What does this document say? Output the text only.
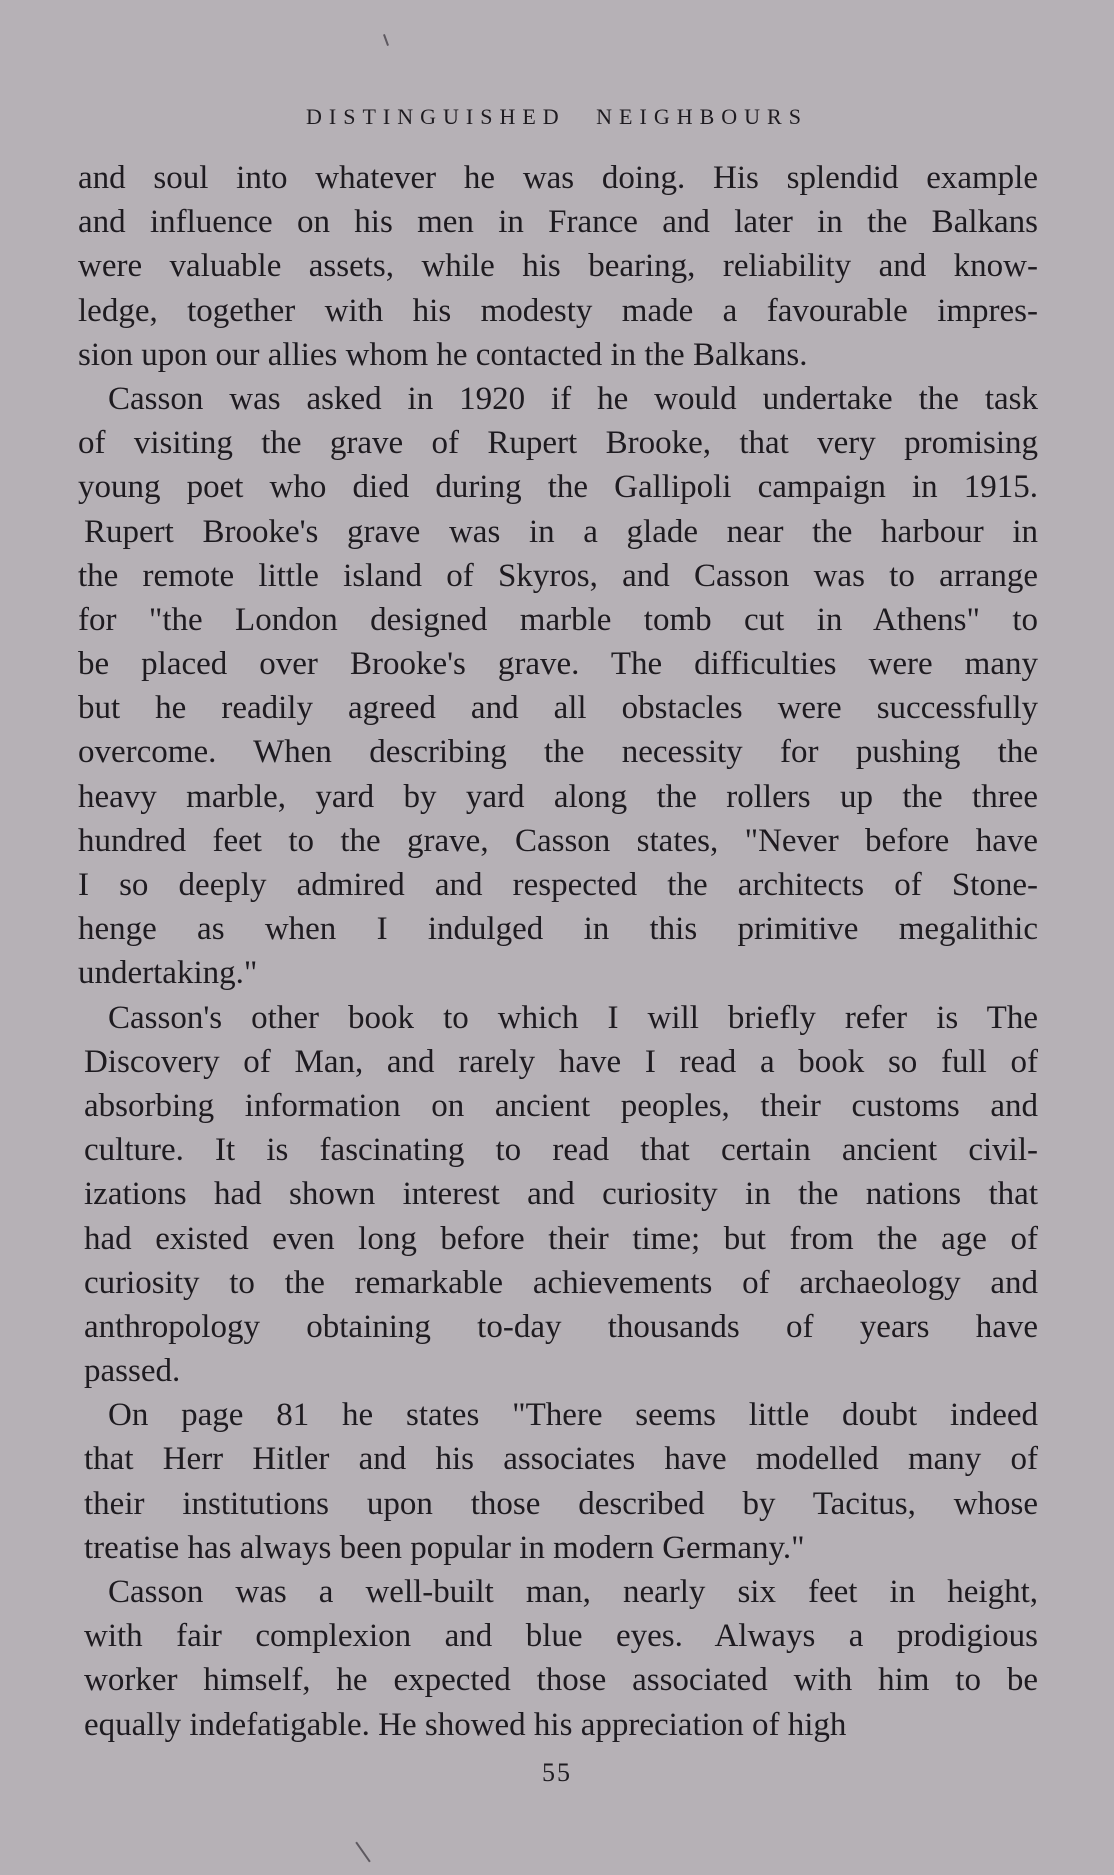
DISTINGUISHED NEIGHBOURS
and soul into whatever he was doing. His splendid example
and influence on his men in France and later in the Balkans
were valuable assets, while his bearing, reliability and know-
ledge, together with his modesty made a favourable impres-
sion upon our allies whom he contacted in the Balkans.
Casson was asked in 1920 if he would undertake the task
of visiting the grave of Rupert Brooke, that very promising
young poet who died during the Gallipoli campaign in 1915.
Rupert Brooke's grave was in a glade near the harbour in
the remote little island of Skyros, and Casson was to arrange
for "the London designed marble tomb cut in Athens" to
be placed over Brooke's grave. The difficulties were many
but he readily agreed and all obstacles were successfully
overcome. When describing the necessity for pushing the
heavy marble, yard by yard along the rollers up the three
hundred feet to the grave, Casson states, "Never before have
I so deeply admired and respected the architects of Stone-
henge as when I indulged in this primitive megalithic
undertaking."
Casson's other book to which I will briefly refer is The
Discovery of Man, and rarely have I read a book so full of
absorbing information on ancient peoples, their customs and
culture. It is fascinating to read that certain ancient civil-
izations had shown interest and curiosity in the nations that
had existed even long before their time; but from the age of
curiosity to the remarkable achievements of archaeology and
anthropology obtaining to-day thousands of years have
passed.
On page 81 he states "There seems little doubt indeed
that Herr Hitler and his associates have modelled many of
their institutions upon those described by Tacitus, whose
treatise has always been popular in modern Germany."
Casson was a well-built man, nearly six feet in height,
with fair complexion and blue eyes. Always a prodigious
worker himself, he expected those associated with him to be
equally indefatigable. He showed his appreciation of high
55
